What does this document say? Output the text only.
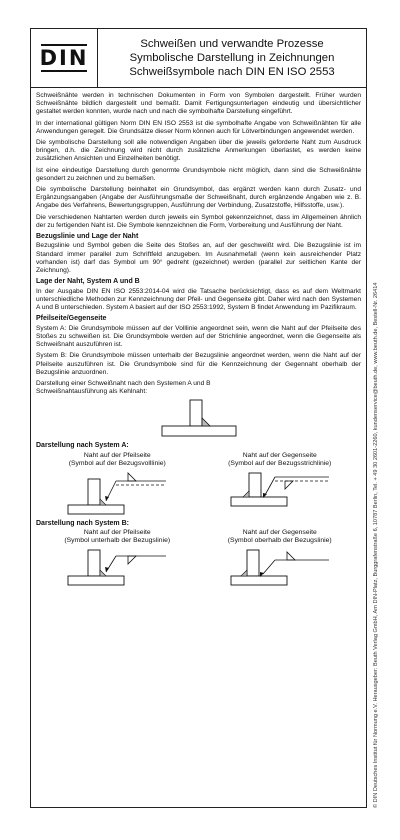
DIN
Schweißen und verwandte Prozesse
Symbolische Darstellung in Zeichnungen
Schweißsymbole nach DIN EN ISO 2553

Schweißnähte werden in technischen Dokumenten in Form von Symbolen dargestellt. Früher wurden Schweißnähte bildlich dargestellt und bemaßt. Damit Fertigungsunterlagen eindeutig und übersichtlicher gestaltet werden konnten, wurde nach und nach die symbolhafte Darstellung eingeführt.

In der international gültigen Norm DIN EN ISO 2553 ist die symbolhafte Angabe von Schweißnähten für alle Anwendungen geregelt. Die Grundsätze dieser Norm können auch für Lötverbindungen angewendet werden.

Die symbolische Darstellung soll alle notwendigen Angaben über die jeweils geforderte Naht zum Ausdruck bringen, d.h. die Zeichnung wird nicht durch zusätzliche Anmerkungen überlastet, es werden keine zusätzlichen Ansichten und Einzelheiten benötigt.

Ist eine eindeutige Darstellung durch genormte Grundsymbole nicht möglich, dann sind die Schweißnähte gesondert zu zeichnen und zu bemaßen.

Die symbolische Darstellung beinhaltet ein Grundsymbol, das ergänzt werden kann durch Zusatz- und Ergänzungsangaben (Angabe der Ausführungsmaße der Schweißnaht, durch ergänzende Angaben wie z. B. Angabe des Verfahrens, Bewertungsgruppen, Ausführung der Verbindung, Zusatzstoffe, Hilfsstoffe, usw.).

Die verschiedenen Nahtarten werden durch jeweils ein Symbol gekennzeichnet, dass im Allgemeinen ähnlich der zu fertigenden Naht ist. Die Symbole kennzeichnen die Form, Vorbereitung und Ausführung der Naht.

Bezugslinie und Lage der Naht

Bezugslinie und Symbol geben die Seite des Stoßes an, auf der geschweißt wird. Die Bezugslinie ist im Standard immer parallel zum Schriftfeld anzugeben. Im Ausnahmefall (wenn kein ausreichender Platz vorhanden ist) darf das Symbol um 90° gedreht (gezeichnet) werden (parallel zur seitlichen Kante der Zeichnung).

Lage der Naht, System A und B

In der Ausgabe DIN EN ISO 2553:2014-04 wird die Tatsache berücksichtigt, dass es auf dem Weltmarkt unterschiedliche Methoden zur Kennzeichnung der Pfeil- und Gegenseite gibt. Daher wird nach den Systemen A und B unterschieden. System A basiert auf der ISO 2553:1992, System B findet Anwendung im Pazifikraum.

Pfeilseite/Gegenseite

System A: Die Grundsymbole müssen auf der Volllinie angeordnet sein, wenn die Naht auf der Pfeilseite des Stoßes zu schweißen ist. Die Grundsymbole werden auf der Strichlinie angeordnet, wenn die Gegenseite als Schweißnaht auszuführen ist.

System B: Die Grundsymbole müssen unterhalb der Bezugslinie angeordnet werden, wenn die Naht auf der Pfeilseite auszuführen ist. Die Grundsymbole sind für die Kennzeichnung der Gegennaht oberhalb der Bezugslinie anzuordnen.

Darstellung einer Schweißnaht nach den Systemen A und B
Schweißnahtausführung als Kehlnaht:
Darstellung nach System A:
Naht auf der Pfeilseite
(Symbol auf der Bezugsvolllinie)
Naht auf der Gegenseite
(Symbol auf der Bezugsstrichlinie)
Darstellung nach System B:
Naht auf der Pfeilseite
(Symbol unterhalb der Bezugslinie)
Naht auf der Gegenseite
(Symbol oberhalb der Bezugslinie)	© DIN Deutsches Institut für Normung e.V. Herausgeber: Beuth Verlag GmbH, Am DIN-Platz, Burggrafenstraße 6, 10787 Berlin, Tel. + 49 30 2601-2260, kundenservice@beuth.de, www.beuth.de, Bestell-Nr. 26414
